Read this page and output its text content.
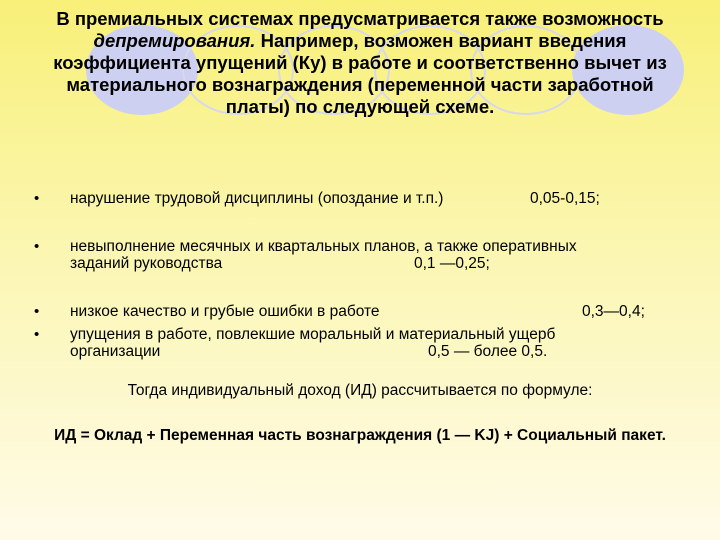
В премиальных системах предусматривается также возможность депремирования. Например, возможен вариант введения коэффициента упущений (Ку) в работе и соответственно вычет из материального вознаграждения (переменной части заработной платы) по следующей схеме.
• нарушение трудовой дисциплины (опоздание и т.п.)	0,05-0,15;
• невыполнение месячных и квартальных планов, а также оперативных
заданий руководства	0,1 —0,25;
• низкое качество и грубые ошибки в работе	0,3—0,4;
• упущения в работе, повлекшие моральный и материальный ущерб
организации	0,5 — более 0,5.
Тогда индивидуальный доход (ИД) рассчитывается по формуле:
ИД = Оклад + Переменная часть вознаграждения (1 — KJ) + Социальный пакет.
